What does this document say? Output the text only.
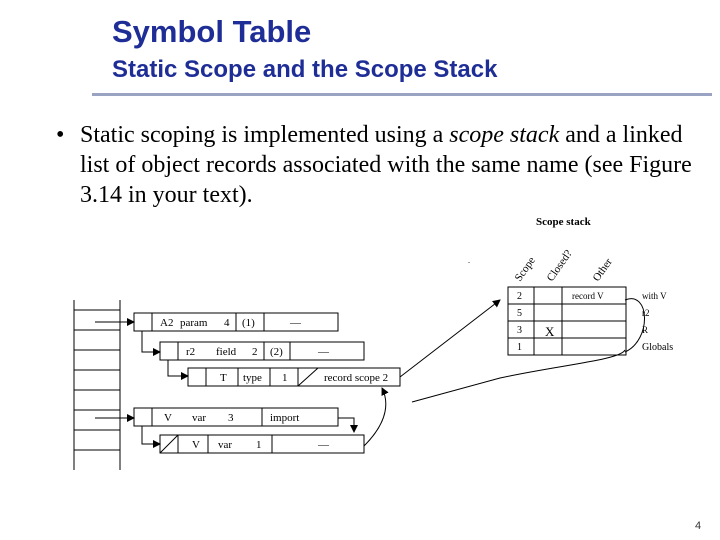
Symbol Table
Static Scope and the Scope Stack
• Static scoping is implemented using a scope stack and a linked list of object records associated with the same name (see Figure 3.14 in your text).
A2 param 4 (1)	—
r2 field 2 (2)	—
T type 1	record scope 2
V var 3	import
V var 1	—
Scope stack
Scope Closed? Other
.
2	record V
5
3 X
1
with V
r2
R
Globals
4
